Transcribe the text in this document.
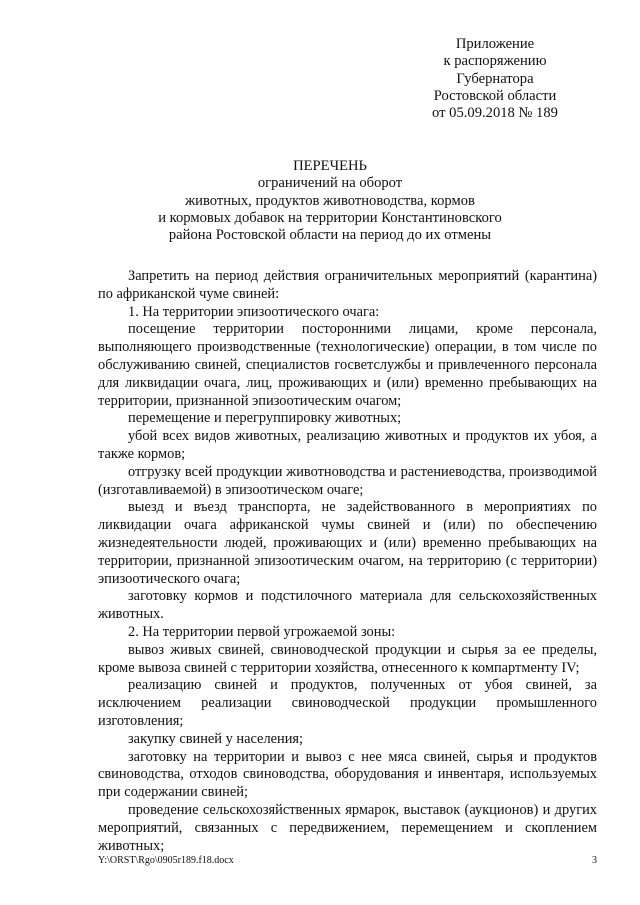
Приложение
к распоряжению
Губернатора
Ростовской области
от 05.09.2018 № 189
ПЕРЕЧЕНЬ
ограничений на оборот
животных, продуктов животноводства, кормов
и кормовых добавок на территории Константиновского
района Ростовской области на период до их отмены

Запретить на период действия ограничительных мероприятий (карантина) по африканской чуме свиней:

1. На территории эпизоотического очага:

посещение территории посторонними лицами, кроме персонала, выполняющего производственные (технологические) операции, в том числе по обслуживанию свиней, специалистов госветслужбы и привлеченного персонала для ликвидации очага, лиц, проживающих и (или) временно пребывающих на территории, признанной эпизоотическим очагом;

перемещение и перегруппировку животных;

убой всех видов животных, реализацию животных и продуктов их убоя, а также кормов;

отгрузку всей продукции животноводства и растениеводства, производимой (изготавливаемой) в эпизоотическом очаге;

выезд и въезд транспорта, не задействованного в мероприятиях по ликвидации очага африканской чумы свиней и (или) по обеспечению жизнедеятельности людей, проживающих и (или) временно пребывающих на территории, признанной эпизоотическим очагом, на территорию (с территории) эпизоотического очага;

заготовку кормов и подстилочного материала для сельскохозяйственных животных.

2. На территории первой угрожаемой зоны:

вывоз живых свиней, свиноводческой продукции и сырья за ее пределы, кроме вывоза свиней с территории хозяйства, отнесенного к компартменту IV;

реализацию свиней и продуктов, полученных от убоя свиней, за исключением реализации свиноводческой продукции промышленного изготовления;

закупку свиней у населения;

заготовку на территории и вывоз с нее мяса свиней, сырья и продуктов свиноводства, отходов свиноводства, оборудования и инвентаря, используемых при содержании свиней;

проведение сельскохозяйственных ярмарок, выставок (аукционов) и других мероприятий, связанных с передвижением, перемещением и скоплением животных;

Y:\ORST\Rgo\0905r189.f18.docx	3
